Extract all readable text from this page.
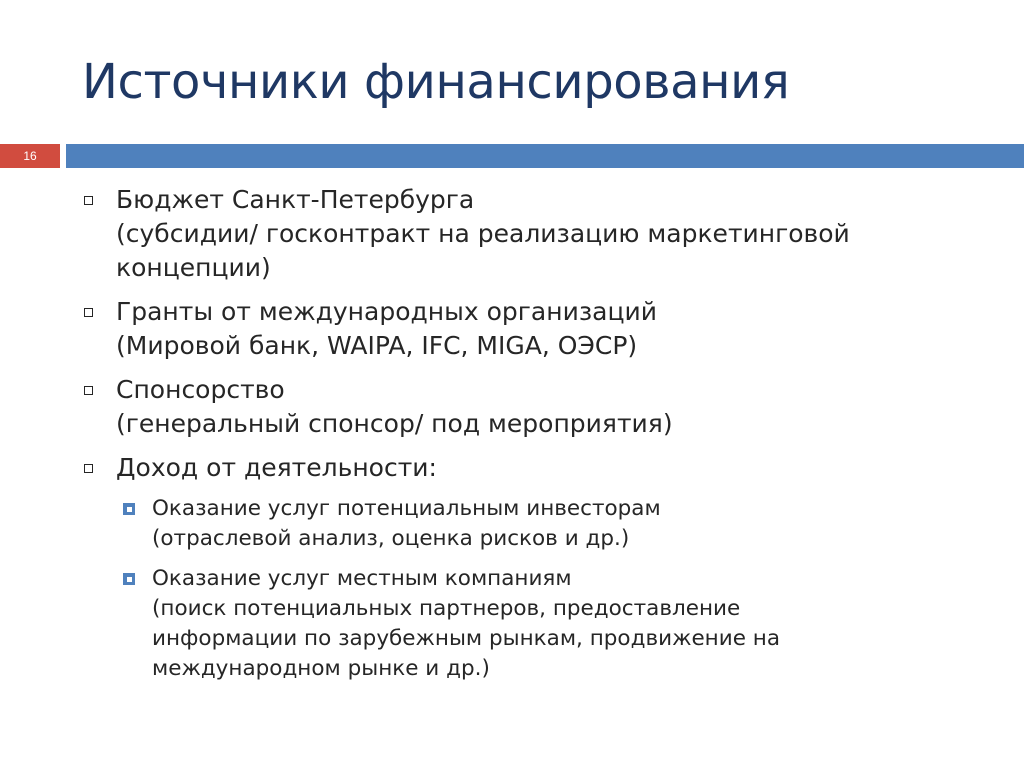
Источники финансирования
16
Бюджет Санкт-Петербурга
(субсидии/ госконтракт на реализацию маркетинговой
концепции)
Гранты от международных организаций
(Мировой банк, WAIPA, IFC, MIGA, ОЭСР)
Спонсорство
(генеральный спонсор/ под мероприятия)
Доход от деятельности:
Оказание услуг потенциальным инвесторам
(отраслевой анализ, оценка рисков и др.)
Оказание услуг местным компаниям
(поиск потенциальных партнеров, предоставление
информации по зарубежным рынкам, продвижение на
международном рынке и др.)
